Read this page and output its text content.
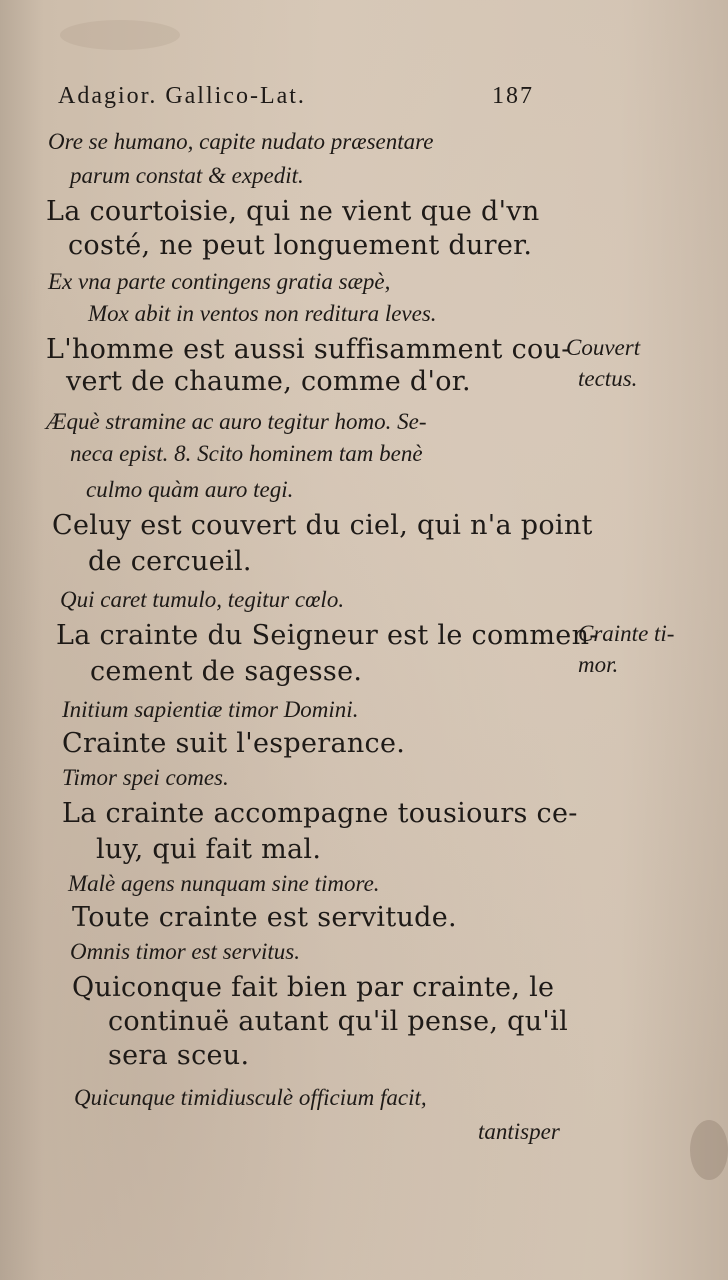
Adagior. Gallico-Lat.	187
Ore se humano, capite nudato præsentare
parum constat & expedit.
La courtoisie, qui ne vient que d'vn
costé, ne peut longuement durer.
Ex vna parte contingens gratia sæpè,
Mox abit in ventos non reditura leves.
L'homme est aussi suffisamment cou-
vert de chaume, comme d'or.
Æquè stramine ac auro tegitur homo. Se-
neca epist. 8. Scito hominem tam benè
culmo quàm auro tegi.
Celuy est couvert du ciel, qui n'a point
de cercueil.
Qui caret tumulo, tegitur cœlo.
La crainte du Seigneur est le commen-
cement de sagesse.
Initium sapientiæ timor Domini.
Crainte suit l'esperance.
Timor spei comes.
La crainte accompagne tousiours ce-
luy, qui fait mal.
Malè agens nunquam sine timore.
Toute crainte est servitude.
Omnis timor est servitus.
Quiconque fait bien par crainte, le
continuë autant qu'il pense, qu'il
sera sceu.
Quicunque timidiusculè officium facit,
tantisper
Couvert
tectus.
Crainte ti-
mor.
